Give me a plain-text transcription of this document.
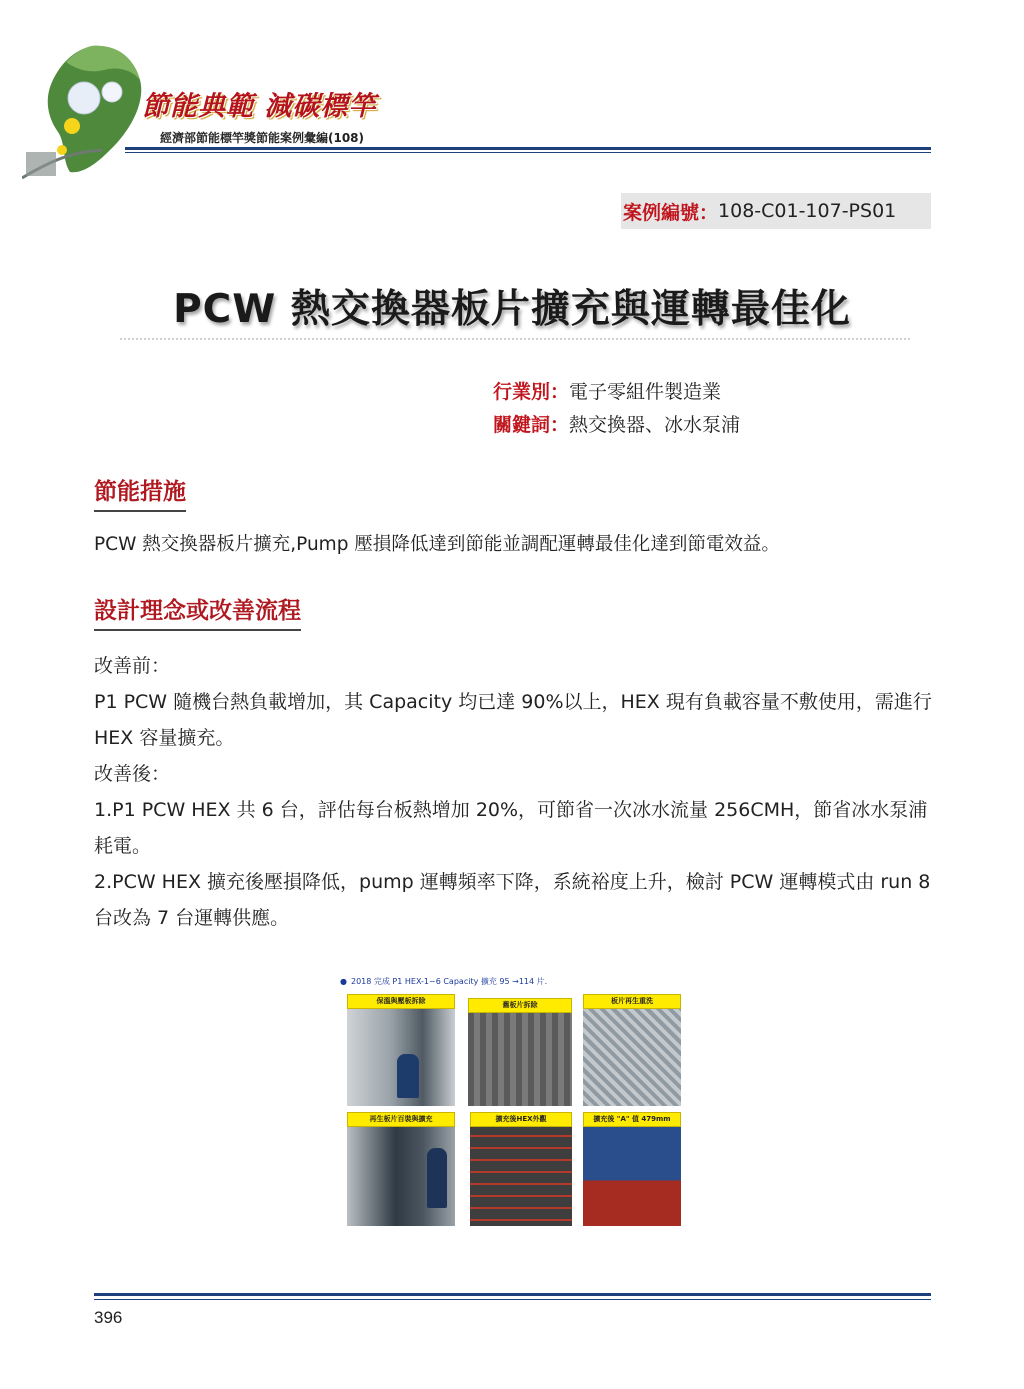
節能典範 減碳標竿
經濟部節能標竿獎節能案例彙編(108)
案例編號： 108-C01-107-PS01
PCW 熱交換器板片擴充與運轉最佳化
行業別：電子零組件製造業
關鍵詞：熱交換器、冰水泵浦
節能措施
PCW 熱交換器板片擴充,Pump 壓損降低達到節能並調配運轉最佳化達到節電效益。
設計理念或改善流程

改善前：

P1 PCW 隨機台熱負載增加，其 Capacity 均已達 90%以上，HEX 現有負載容量不敷使用，需進行 HEX 容量擴充。

改善後：

1.P1 PCW HEX 共 6 台，評估每台板熱增加 20%，可節省一次冰水流量 256CMH，節省冰水泵浦耗電。

2.PCW HEX 擴充後壓損降低，pump 運轉頻率下降，系統裕度上升，檢討 PCW 運轉模式由 run 8 台改為 7 台運轉供應。

● 2018 完成 P1 HEX-1~6 Capacity 擴充 95 →114 片.
保溫與壓板拆除	舊板片拆除	板片再生重洗
再生板片百裝與擴充	擴充後HEX外觀	擴充後 "A" 值 479mm
396
